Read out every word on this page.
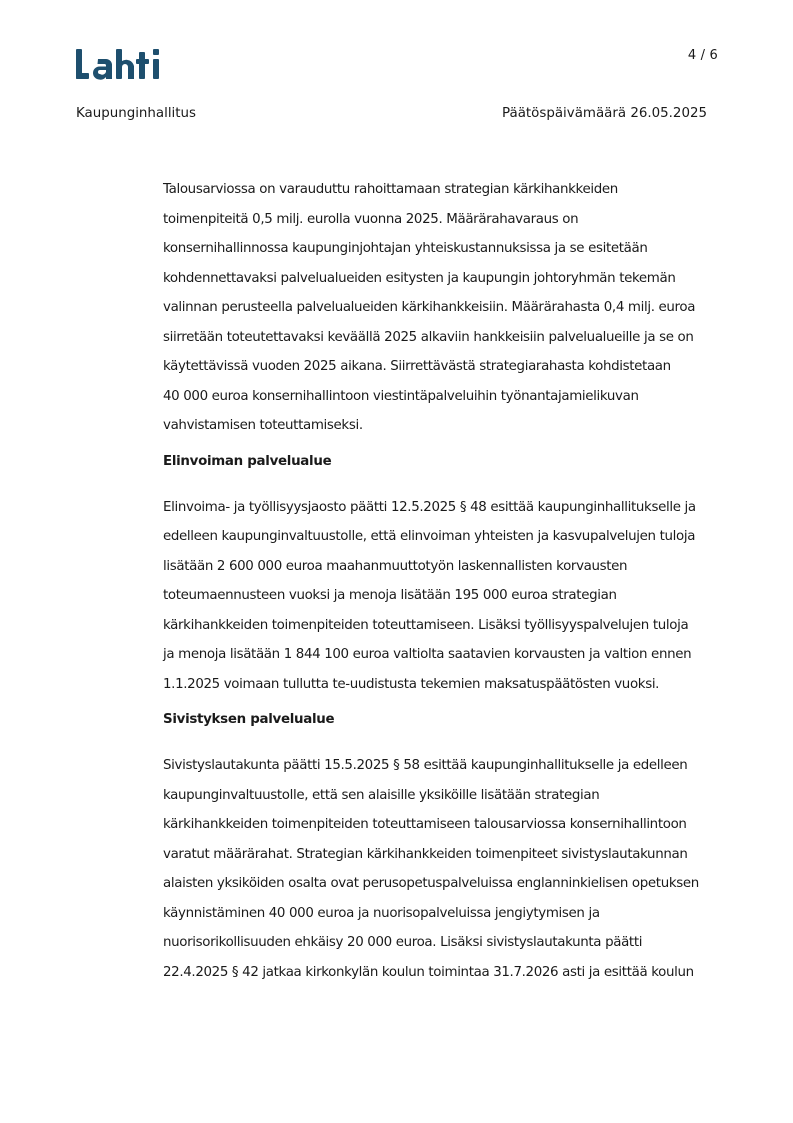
4 / 6
Kaupunginhallitus	Päätöspäivämäärä 26.05.2025

Talousarviossa on varauduttu rahoittamaan strategian kärkihankkeiden
toimenpiteitä 0,5 milj. eurolla vuonna 2025. Määrärahavaraus on
konsernihallinnossa kaupunginjohtajan yhteiskustannuksissa ja se esitetään
kohdennettavaksi palvelualueiden esitysten ja kaupungin johtoryhmän tekemän
valinnan perusteella palvelualueiden kärkihankkeisiin. Määrärahasta 0,4 milj. euroa
siirretään toteutettavaksi keväällä 2025 alkaviin hankkeisiin palvelualueille ja se on
käytettävissä vuoden 2025 aikana. Siirrettävästä strategiarahasta kohdistetaan
40 000 euroa konsernihallintoon viestintäpalveluihin työnantajamielikuvan
vahvistamisen toteuttamiseksi.

Elinvoiman palvelualue

Elinvoima- ja työllisyysjaosto päätti 12.5.2025 § 48 esittää kaupunginhallitukselle ja
edelleen kaupunginvaltuustolle, että elinvoiman yhteisten ja kasvupalvelujen tuloja
lisätään 2 600 000 euroa maahanmuuttotyön laskennallisten korvausten
toteumaennusteen vuoksi ja menoja lisätään 195 000 euroa strategian
kärkihankkeiden toimenpiteiden toteuttamiseen. Lisäksi työllisyyspalvelujen tuloja
ja menoja lisätään 1 844 100 euroa valtiolta saatavien korvausten ja valtion ennen
1.1.2025 voimaan tullutta te-uudistusta tekemien maksatuspäätösten vuoksi.

Sivistyksen palvelualue

Sivistyslautakunta päätti 15.5.2025 § 58 esittää kaupunginhallitukselle ja edelleen
kaupunginvaltuustolle, että sen alaisille yksiköille lisätään strategian
kärkihankkeiden toimenpiteiden toteuttamiseen talousarviossa konsernihallintoon
varatut määrärahat. Strategian kärkihankkeiden toimenpiteet sivistyslautakunnan
alaisten yksiköiden osalta ovat perusopetuspalveluissa englanninkielisen opetuksen
käynnistäminen 40 000 euroa ja nuorisopalveluissa jengiytymisen ja
nuorisorikollisuuden ehkäisy 20 000 euroa. Lisäksi sivistyslautakunta päätti
22.4.2025 § 42 jatkaa kirkonkylän koulun toimintaa 31.7.2026 asti ja esittää koulun
